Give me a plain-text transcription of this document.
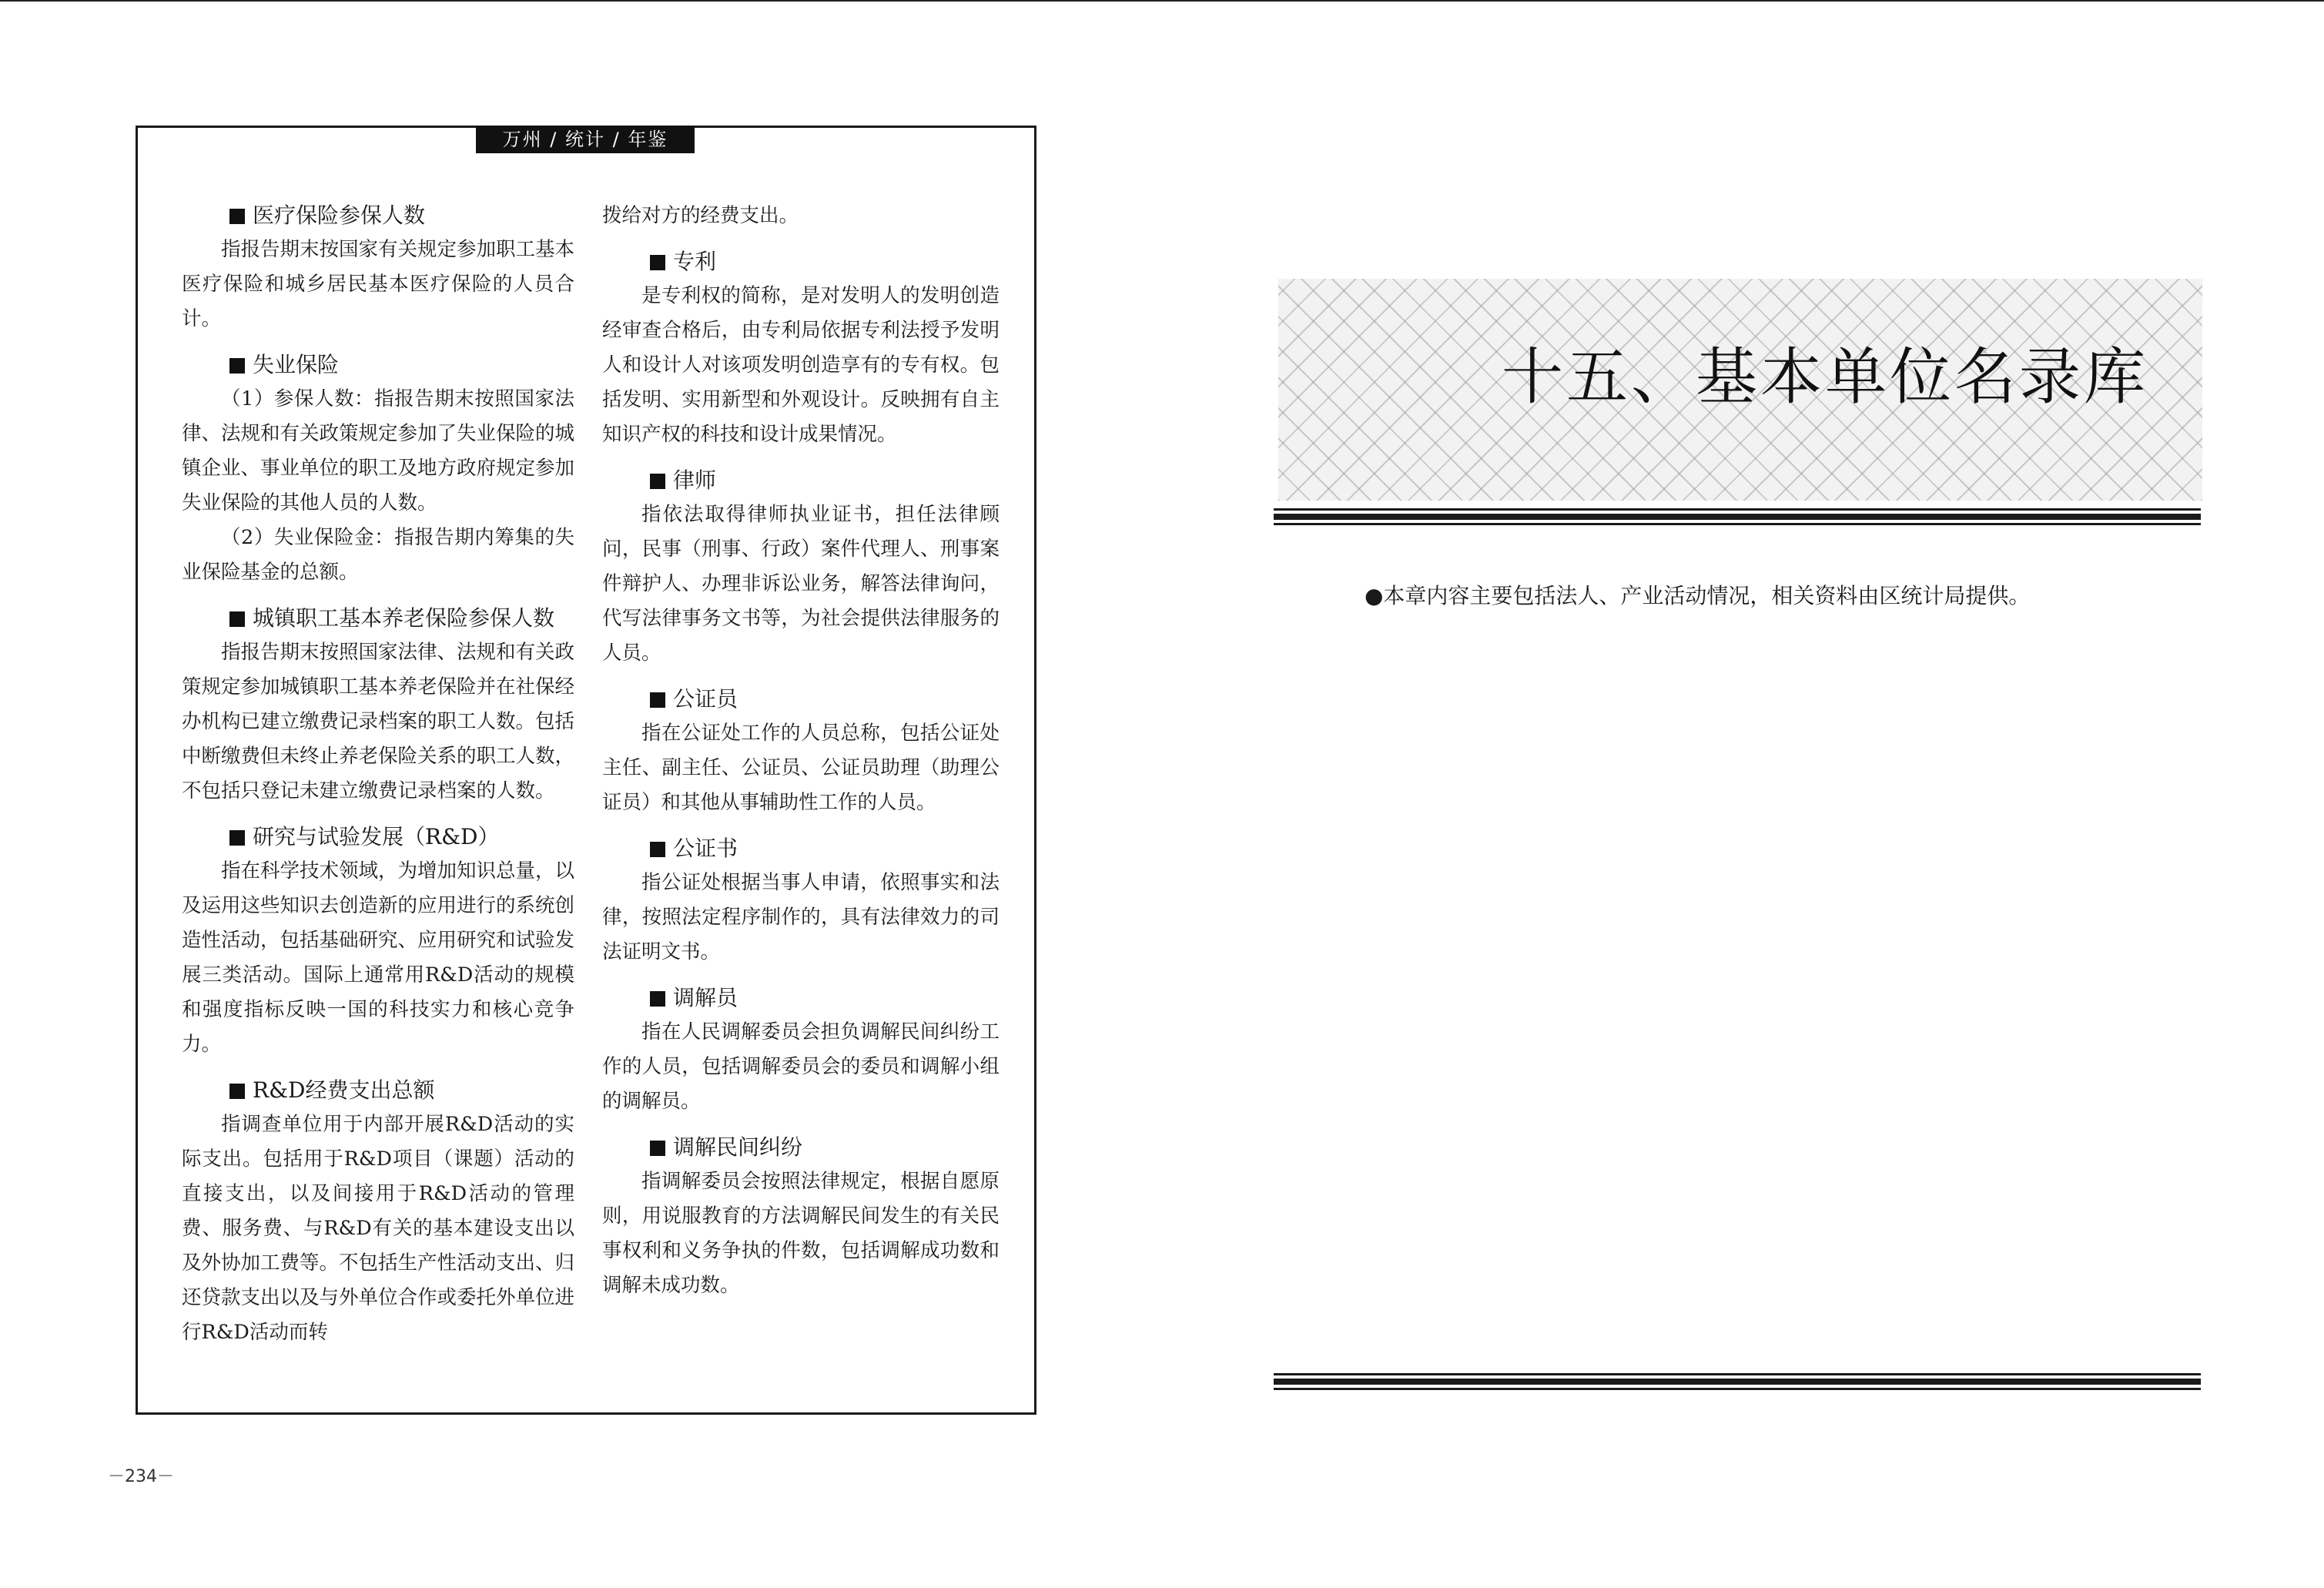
万州 / 统计 / 年鉴
医疗保险参保人数

指报告期末按国家有关规定参加职工基本医疗保险和城乡居民基本医疗保险的人员合计。

失业保险

（1）参保人数：指报告期末按照国家法律、法规和有关政策规定参加了失业保险的城镇企业、事业单位的职工及地方政府规定参加失业保险的其他人员的人数。

（2）失业保险金：指报告期内筹集的失业保险基金的总额。

城镇职工基本养老保险参保人数

指报告期末按照国家法律、法规和有关政策规定参加城镇职工基本养老保险并在社保经办机构已建立缴费记录档案的职工人数。包括中断缴费但未终止养老保险关系的职工人数，不包括只登记未建立缴费记录档案的人数。

研究与试验发展（R&D）

指在科学技术领域，为增加知识总量，以及运用这些知识去创造新的应用进行的系统创造性活动，包括基础研究、应用研究和试验发展三类活动。国际上通常用R&D活动的规模和强度指标反映一国的科技实力和核心竞争力。

R&D经费支出总额

指调查单位用于内部开展R&D活动的实际支出。包括用于R&D项目（课题）活动的直接支出，以及间接用于R&D活动的管理费、服务费、与R&D有关的基本建设支出以及外协加工费等。不包括生产性活动支出、归还贷款支出以及与外单位合作或委托外单位进行R&D活动而转

拨给对方的经费支出。

专利

是专利权的简称，是对发明人的发明创造经审查合格后，由专利局依据专利法授予发明人和设计人对该项发明创造享有的专有权。包括发明、实用新型和外观设计。反映拥有自主知识产权的科技和设计成果情况。

律师

指依法取得律师执业证书，担任法律顾问，民事（刑事、行政）案件代理人、刑事案件辩护人、办理非诉讼业务，解答法律询问，代写法律事务文书等，为社会提供法律服务的人员。

公证员

指在公证处工作的人员总称，包括公证处主任、副主任、公证员、公证员助理（助理公证员）和其他从事辅助性工作的人员。

公证书

指公证处根据当事人申请，依照事实和法律，按照法定程序制作的，具有法律效力的司法证明文书。

调解员

指在人民调解委员会担负调解民间纠纷工作的人员，包括调解委员会的委员和调解小组的调解员。

调解民间纠纷

指调解委员会按照法律规定，根据自愿原则，用说服教育的方法调解民间发生的有关民事权利和义务争执的件数，包括调解成功数和调解未成功数。

－234－
十五、基本单位名录库

●本章内容主要包括法人、产业活动情况，相关资料由区统计局提供。
